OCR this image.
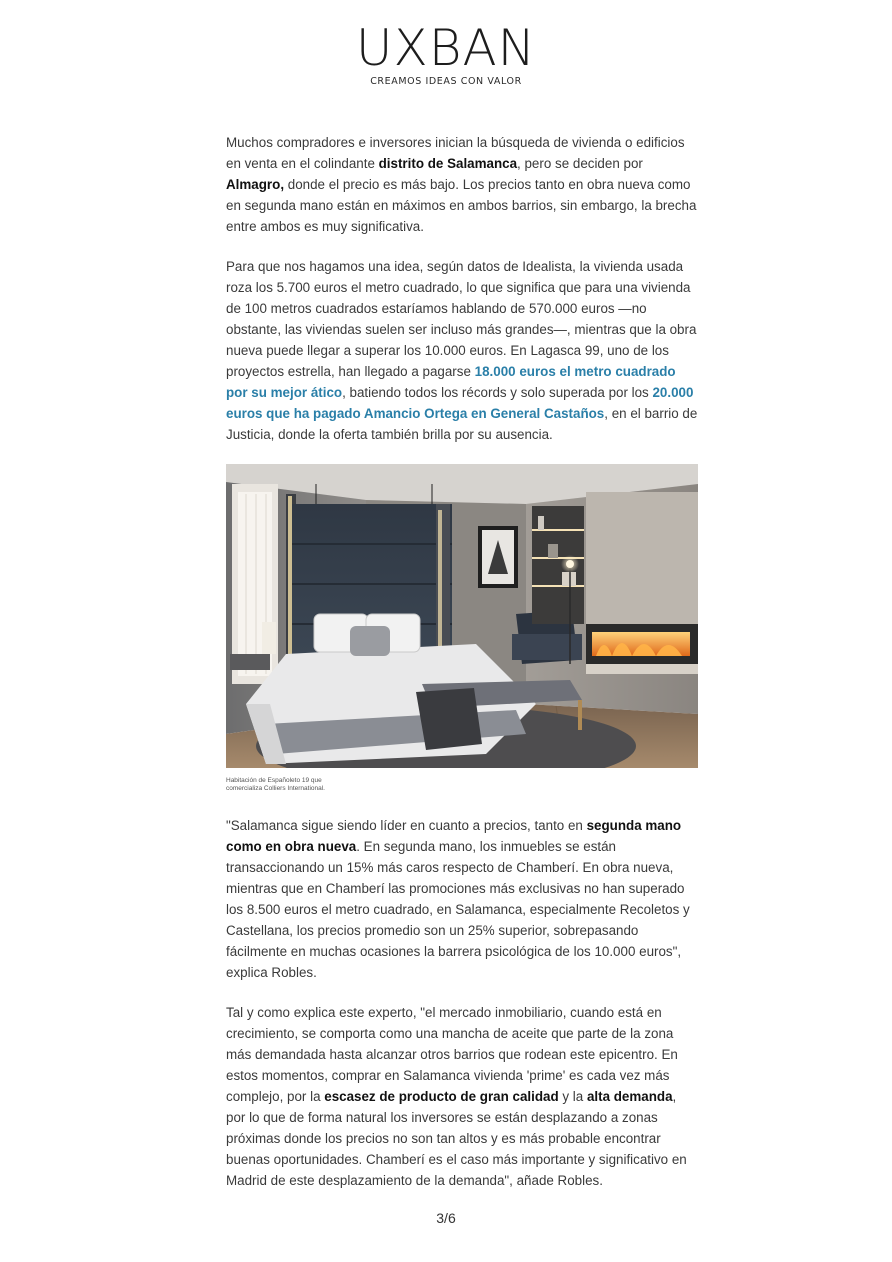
UXBAN
CREAMOS IDEAS CON VALOR

Muchos compradores e inversores inician la búsqueda de vivienda o edificios en venta en el colindante distrito de Salamanca, pero se deciden por Almagro, donde el precio es más bajo. Los precios tanto en obra nueva como en segunda mano están en máximos en ambos barrios, sin embargo, la brecha entre ambos es muy significativa.

Para que nos hagamos una idea, según datos de Idealista, la vivienda usada roza los 5.700 euros el metro cuadrado, lo que significa que para una vivienda de 100 metros cuadrados estaríamos hablando de 570.000 euros —no obstante, las viviendas suelen ser incluso más grandes—, mientras que la obra nueva puede llegar a superar los 10.000 euros. En Lagasca 99, uno de los proyectos estrella, han llegado a pagarse 18.000 euros el metro cuadrado por su mejor ático, batiendo todos los récords y solo superada por los 20.000 euros que ha pagado Amancio Ortega en General Castaños, en el barrio de Justicia, donde la oferta también brilla por su ausencia.

Habitación de Españoleto 19 que comercializa Colliers International.

"Salamanca sigue siendo líder en cuanto a precios, tanto en segunda mano como en obra nueva. En segunda mano, los inmuebles se están transaccionando un 15% más caros respecto de Chamberí. En obra nueva, mientras que en Chamberí las promociones más exclusivas no han superado los 8.500 euros el metro cuadrado, en Salamanca, especialmente Recoletos y Castellana, los precios promedio son un 25% superior, sobrepasando fácilmente en muchas ocasiones la barrera psicológica de los 10.000 euros", explica Robles.

Tal y como explica este experto, "el mercado inmobiliario, cuando está en crecimiento, se comporta como una mancha de aceite que parte de la zona más demandada hasta alcanzar otros barrios que rodean este epicentro. En estos momentos, comprar en Salamanca vivienda 'prime' es cada vez más complejo, por la escasez de producto de gran calidad y la alta demanda, por lo que de forma natural los inversores se están desplazando a zonas próximas donde los precios no son tan altos y es más probable encontrar buenas oportunidades. Chamberí es el caso más importante y significativo en Madrid de este desplazamiento de la demanda", añade Robles.

3/6
